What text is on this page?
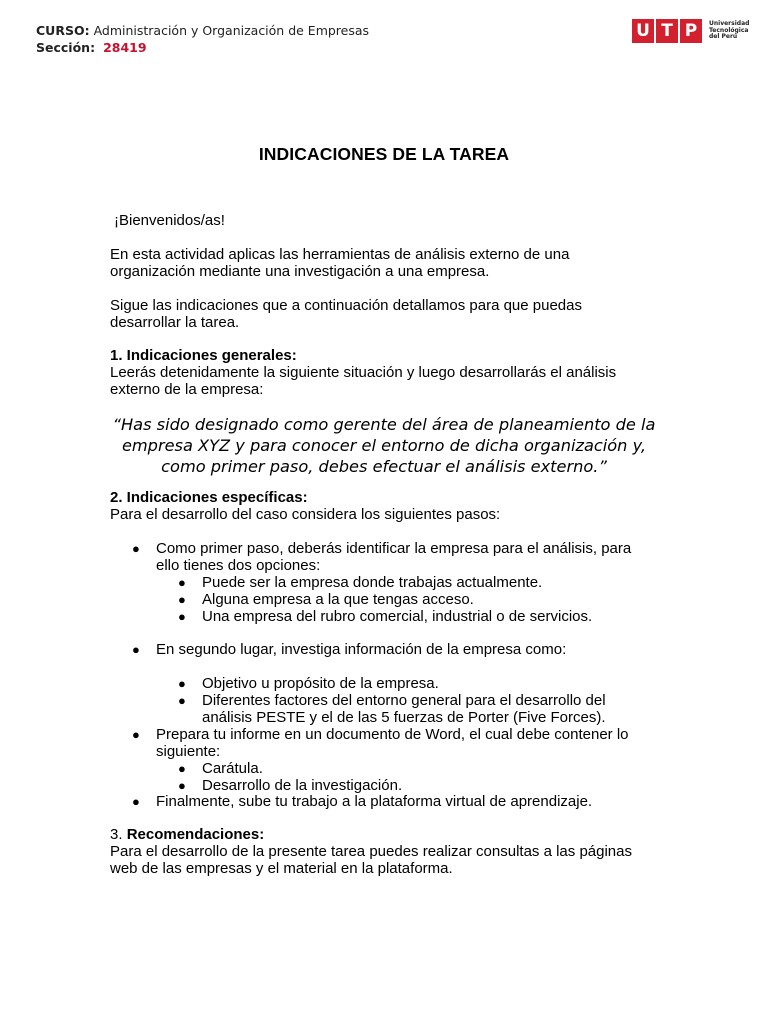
CURSO: Administración y Organización de Empresas
Sección: 28419
U T P	Universidad
Tecnológica
del Perú
INDICACIONES DE LA TAREA
¡Bienvenidos/as!
En esta actividad aplicas las herramientas de análisis externo de una
organización mediante una investigación a una empresa.
Sigue las indicaciones que a continuación detallamos para que puedas
desarrollar la tarea.
1. Indicaciones generales:
Leerás detenidamente la siguiente situación y luego desarrollarás el análisis
externo de la empresa:
“Has sido designado como gerente del área de planeamiento de la
empresa XYZ y para conocer el entorno de dicha organización y,
como primer paso, debes efectuar el análisis externo.”
2. Indicaciones específicas:
Para el desarrollo del caso considera los siguientes pasos:
● Como primer paso, deberás identificar la empresa para el análisis, para
ello tienes dos opciones:
● Puede ser la empresa donde trabajas actualmente.
● Alguna empresa a la que tengas acceso.
● Una empresa del rubro comercial, industrial o de servicios.
● En segundo lugar, investiga información de la empresa como:
● Objetivo u propósito de la empresa.
● Diferentes factores del entorno general para el desarrollo del
análisis PESTE y el de las 5 fuerzas de Porter (Five Forces).
● Prepara tu informe en un documento de Word, el cual debe contener lo
siguiente:
● Carátula.
● Desarrollo de la investigación.
● Finalmente, sube tu trabajo a la plataforma virtual de aprendizaje.
3. Recomendaciones:
Para el desarrollo de la presente tarea puedes realizar consultas a las páginas
web de las empresas y el material en la plataforma.
